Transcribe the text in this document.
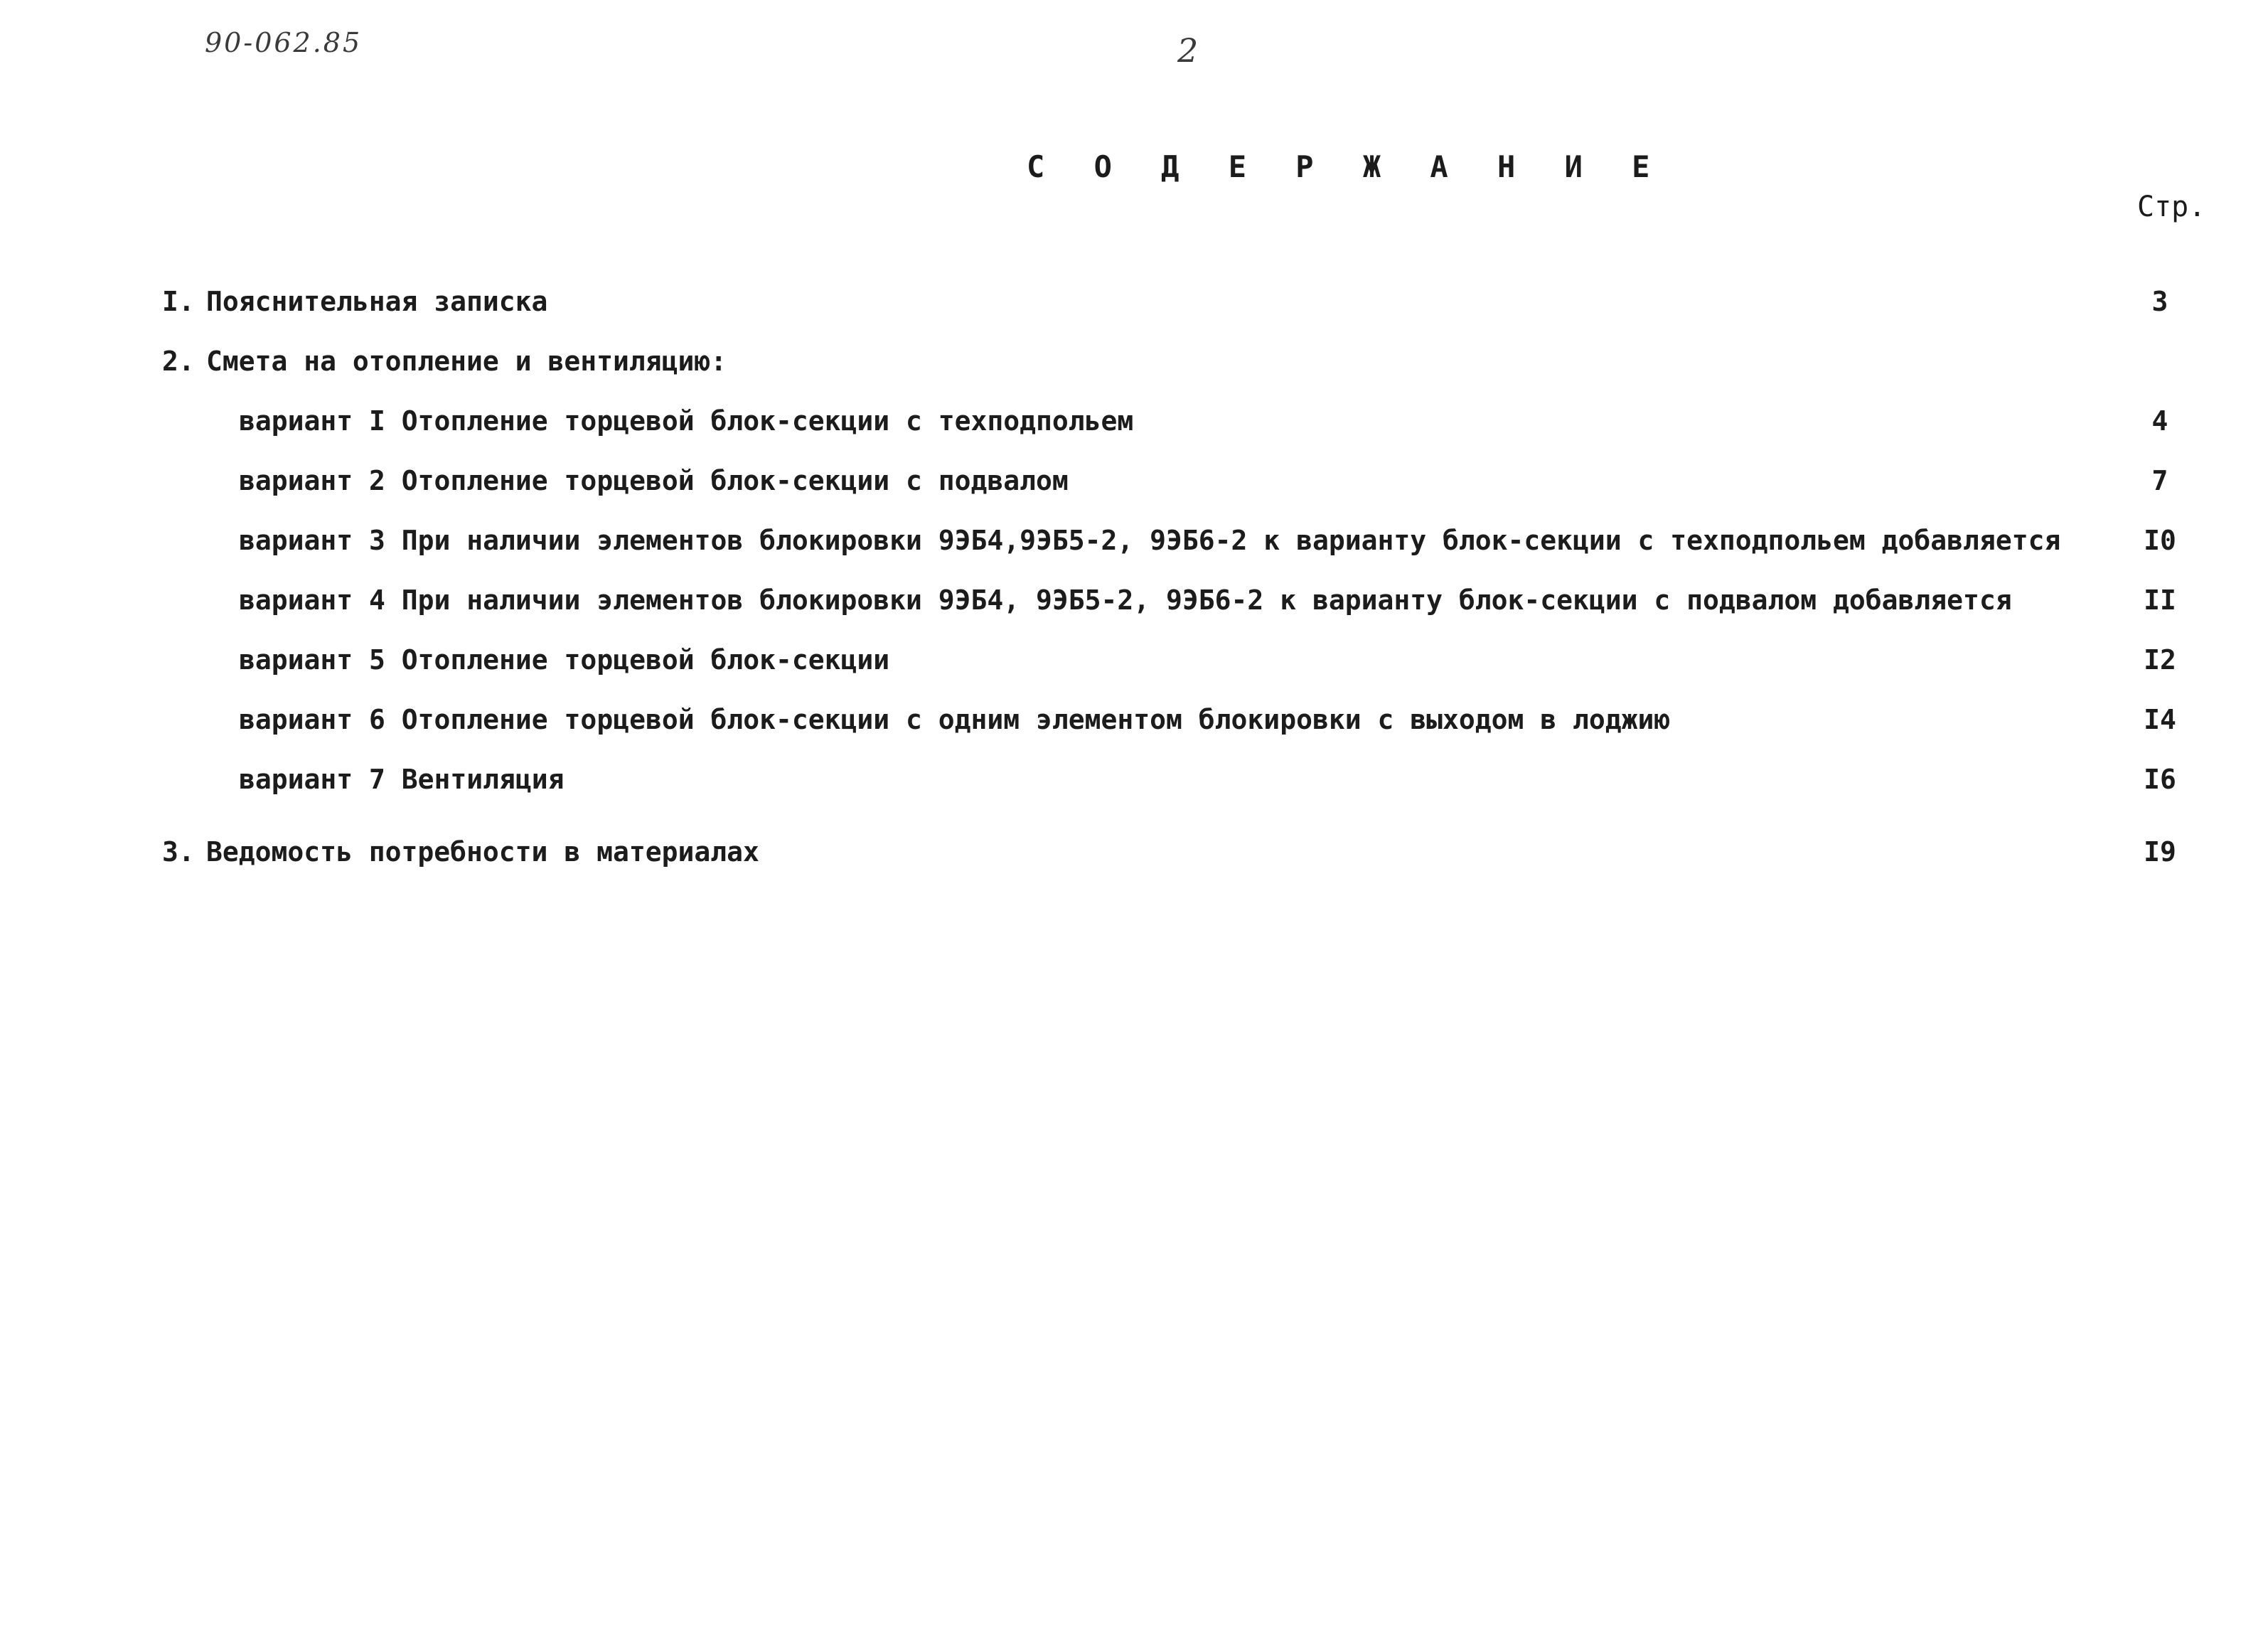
90-062.85	2
С О Д Е Р Ж А Н И Е
Стр.
I. Пояснительная записка	3
2. Смета на отопление и вентиляцию:
вариант I Отопление торцевой блок-секции с техподпольем	4
вариант 2 Отопление торцевой блок-секции с подвалом	7
вариант 3 При наличии элементов блокировки 9ЭБ4,9ЭБ5-2, 9ЭБ6-2 к варианту блок-секции с техподпольем добавляется	I0
вариант 4 При наличии элементов блокировки 9ЭБ4, 9ЭБ5-2, 9ЭБ6-2 к варианту блок-секции с подвалом добавляется	II
вариант 5 Отопление торцевой блок-секции	I2
вариант 6 Отопление торцевой блок-секции с одним элементом блокировки с выходом в лоджию	I4
вариант 7 Вентиляция	I6
3. Ведомость потребности в материалах	I9
